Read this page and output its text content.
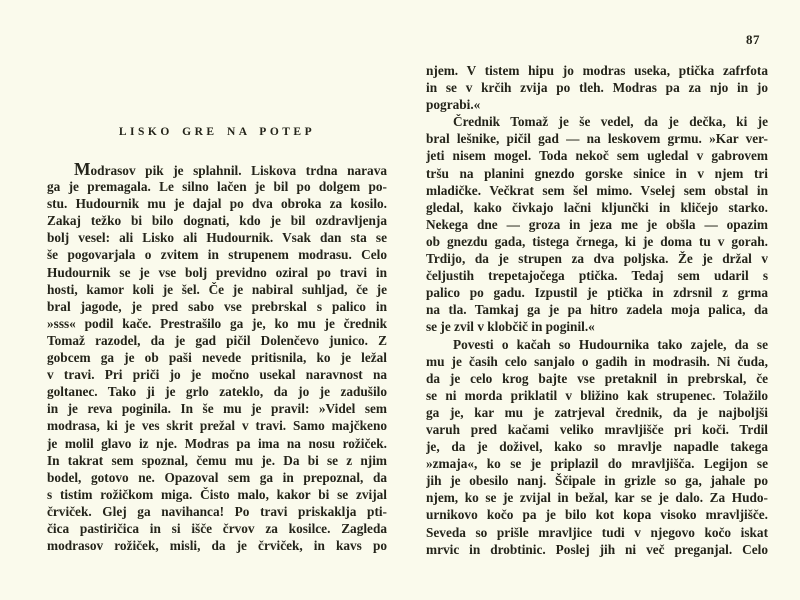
87
LISKO GRE NA POTEP
Modrasov pik je splahnil. Liskova trdna narava
ga je premagala. Le silno lačen je bil po dolgem po-
stu. Hudournik mu je dajal po dva obroka za kosilo.
Zakaj težko bi bilo dognati, kdo je bil ozdravljenja
bolj vesel: ali Lisko ali Hudournik. Vsak dan sta se
še pogovarjala o zvitem in strupenem modrasu. Celo
Hudournik se je vse bolj previdno oziral po travi in
hosti, kamor koli je šel. Če je nabiral suhljad, če je
bral jagode, je pred sabo vse prebrskal s palico in
»sss« podil kače. Prestrašilo ga je, ko mu je črednik
Tomaž razodel, da je gad pičil Dolenčevo junico. Z
gobcem ga je ob paši nevede pritisnila, ko je ležal
v travi. Pri priči jo je močno usekal naravnost na
goltanec. Tako ji je grlo zateklo, da jo je zadušilo
in je reva poginila. In še mu je pravil: »Videl sem
modrasa, ki je ves skrit prežal v travi. Samo majčkeno
je molil glavo iz nje. Modras pa ima na nosu rožiček.
In takrat sem spoznal, čemu mu je. Da bi se z njim
bodel, gotovo ne. Opazoval sem ga in prepoznal, da
s tistim rožičkom miga. Čisto malo, kakor bi se zvijal
črviček. Glej ga navihanca! Po travi priskaklja pti-
čica pastiričica in si išče črvov za kosilce. Zagleda
modrasov rožiček, misli, da je črviček, in kavs po
njem. V tistem hipu jo modras useka, ptička zafrfota
in se v krčih zvija po tleh. Modras pa za njo in jo
pograbi.«
Črednik Tomaž je še vedel, da je dečka, ki je
bral lešnike, pičil gad — na leskovem grmu. »Kar ver-
jeti nisem mogel. Toda nekoč sem ugledal v gabrovem
tršu na planini gnezdo gorske sinice in v njem tri
mladičke. Večkrat sem šel mimo. Vselej sem obstal in
gledal, kako čivkajo lačni kljunčki in kličejo starko.
Nekega dne — groza in jeza me je obšla — opazim
ob gnezdu gada, tistega črnega, ki je doma tu v gorah.
Trdijo, da je strupen za dva poljska. Že je držal v
čeljustih trepetajočega ptička. Tedaj sem udaril s
palico po gadu. Izpustil je ptička in zdrsnil z grma
na tla. Tamkaj ga je pa hitro zadela moja palica, da
se je zvil v klobčič in poginil.«
Povesti o kačah so Hudournika tako zajele, da se
mu je časih celo sanjalo o gadih in modrasih. Ni čuda,
da je celo krog bajte vse pretaknil in prebrskal, če
se ni morda priklatil v bližino kak strupenec. Tolažilo
ga je, kar mu je zatrjeval črednik, da je najboljši
varuh pred kačami veliko mravljišče pri koči. Trdil
je, da je doživel, kako so mravlje napadle takega
»zmaja«, ko se je priplazil do mravljišča. Legijon se
jih je obesilo nanj. Ščipale in grizle so ga, jahale po
njem, ko se je zvijal in bežal, kar se je dalo. Za Hudo-
urnikovo kočo pa je bilo kot kopa visoko mravljišče.
Seveda so prišle mravljice tudi v njegovo kočo iskat
mrvic in drobtinic. Poslej jih ni več preganjal. Celo
